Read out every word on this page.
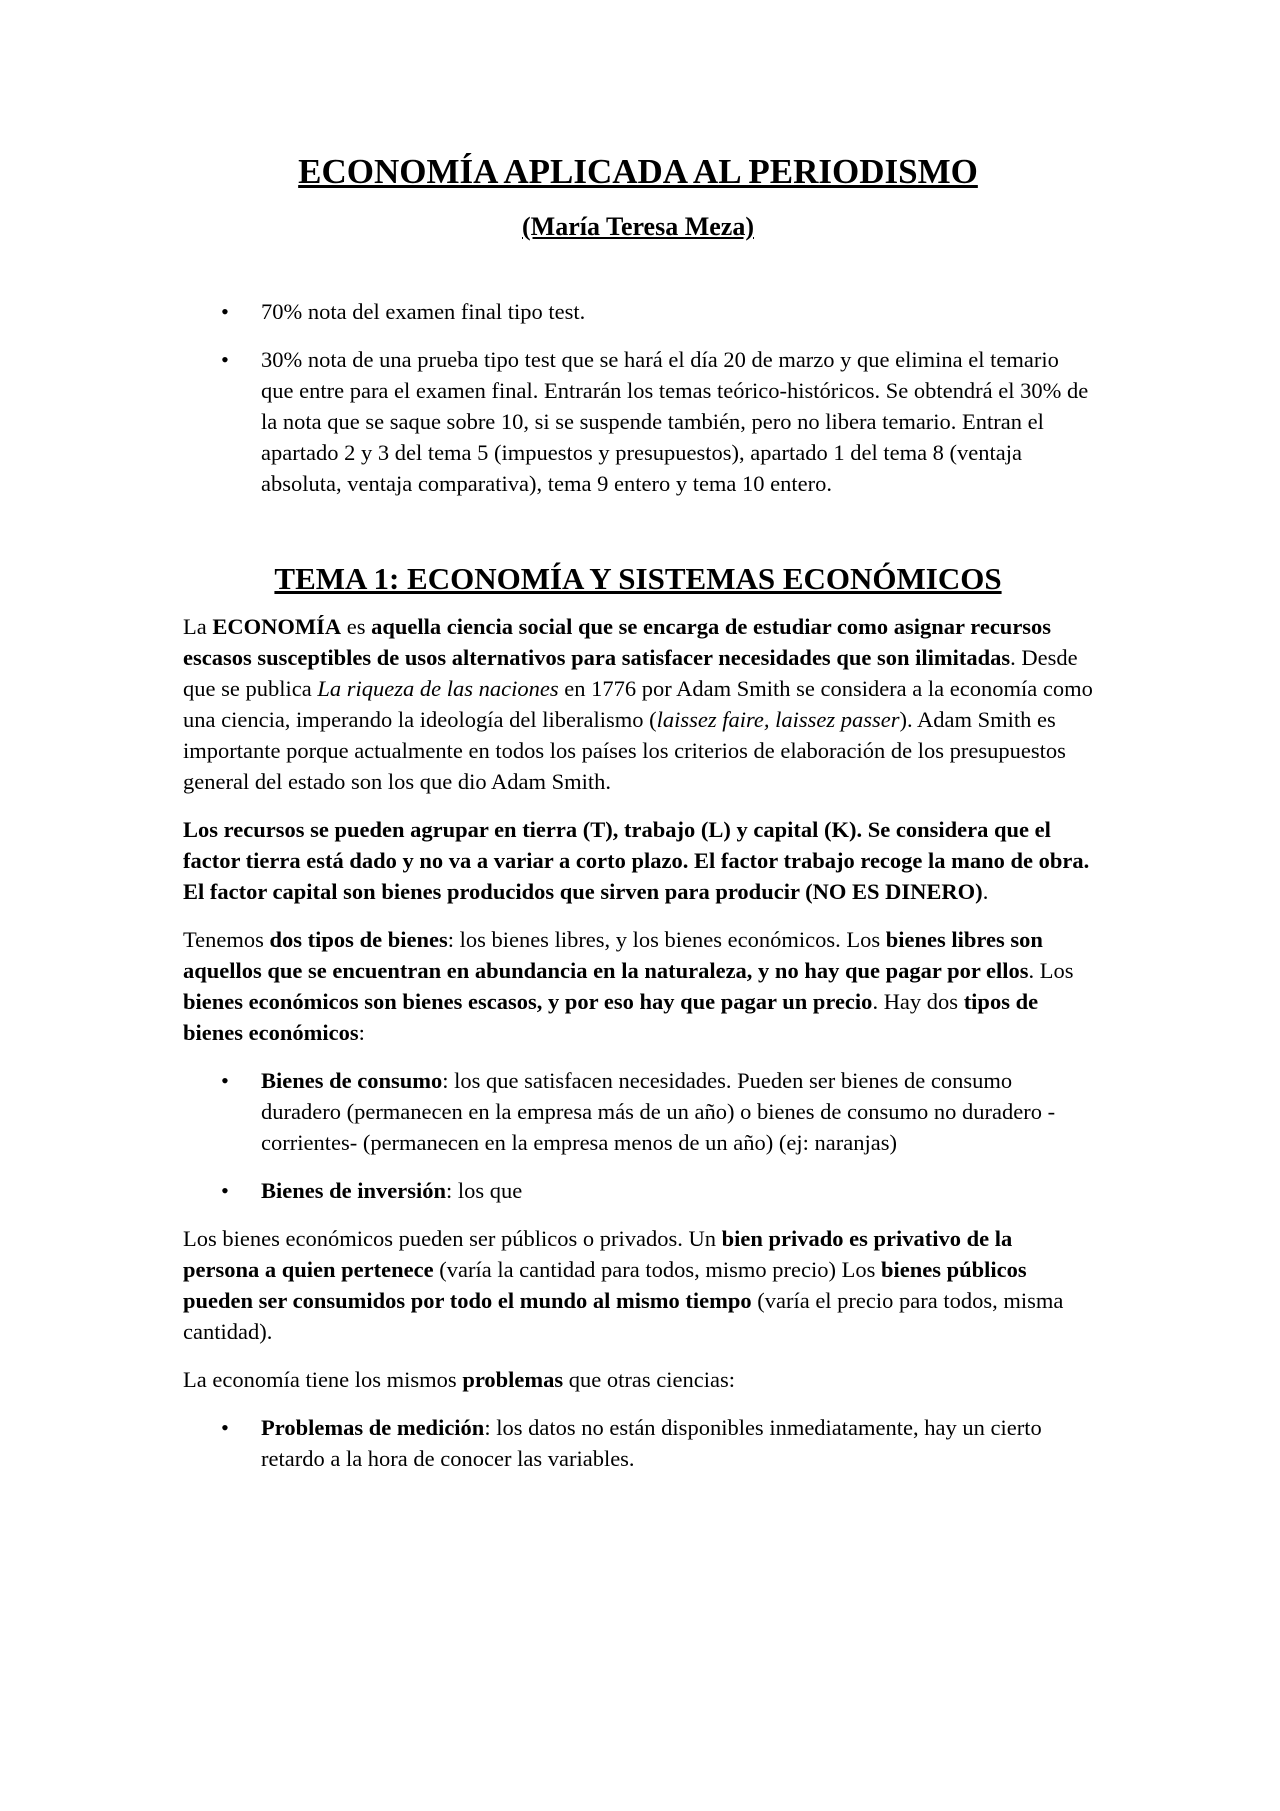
ECONOMÍA APLICADA AL PERIODISMO
(María Teresa Meza)
• 70% nota del examen final tipo test.
• 30% nota de una prueba tipo test que se hará el día 20 de marzo y que elimina el temario que entre para el examen final. Entrarán los temas teórico-históricos. Se obtendrá el 30% de la nota que se saque sobre 10, si se suspende también, pero no libera temario. Entran el apartado 2 y 3 del tema 5 (impuestos y presupuestos), apartado 1 del tema 8 (ventaja absoluta, ventaja comparativa), tema 9 entero y tema 10 entero.
TEMA 1: ECONOMÍA Y SISTEMAS ECONÓMICOS

La ECONOMÍA es aquella ciencia social que se encarga de estudiar como asignar recursos escasos susceptibles de usos alternativos para satisfacer necesidades que son ilimitadas. Desde que se publica La riqueza de las naciones en 1776 por Adam Smith se considera a la economía como una ciencia, imperando la ideología del liberalismo (laissez faire, laissez passer). Adam Smith es importante porque actualmente en todos los países los criterios de elaboración de los presupuestos general del estado son los que dio Adam Smith.

Los recursos se pueden agrupar en tierra (T), trabajo (L) y capital (K). Se considera que el factor tierra está dado y no va a variar a corto plazo. El factor trabajo recoge la mano de obra. El factor capital son bienes producidos que sirven para producir (NO ES DINERO).

Tenemos dos tipos de bienes: los bienes libres, y los bienes económicos. Los bienes libres son aquellos que se encuentran en abundancia en la naturaleza, y no hay que pagar por ellos. Los bienes económicos son bienes escasos, y por eso hay que pagar un precio. Hay dos tipos de bienes económicos:

• Bienes de consumo: los que satisfacen necesidades. Pueden ser bienes de consumo duradero (permanecen en la empresa más de un año) o bienes de consumo no duradero -corrientes- (permanecen en la empresa menos de un año) (ej: naranjas)
• Bienes de inversión: los que

Los bienes económicos pueden ser públicos o privados. Un bien privado es privativo de la persona a quien pertenece (varía la cantidad para todos, mismo precio) Los bienes públicos pueden ser consumidos por todo el mundo al mismo tiempo (varía el precio para todos, misma cantidad).

La economía tiene los mismos problemas que otras ciencias:

• Problemas de medición: los datos no están disponibles inmediatamente, hay un cierto retardo a la hora de conocer las variables.
